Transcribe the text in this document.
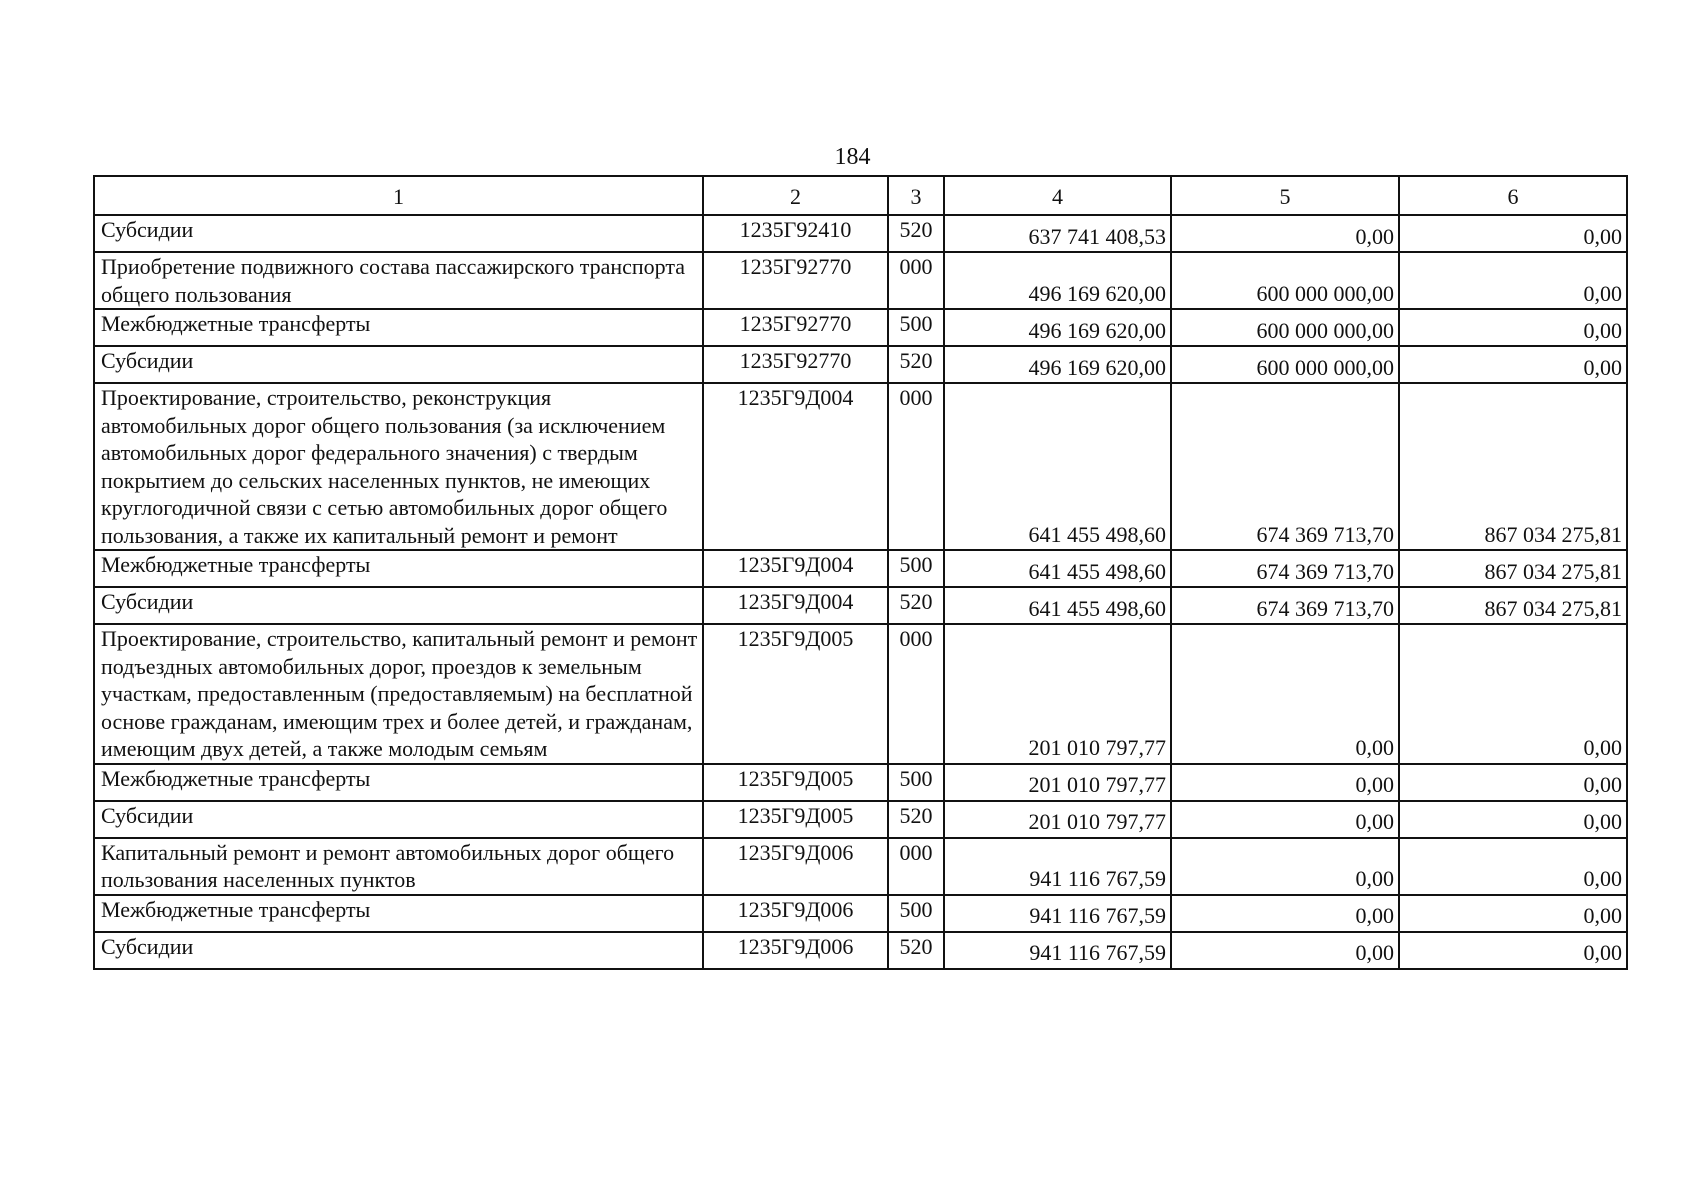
184
1	2	3	4	5	6
Субсидии	1235Г92410	520	637 741 408,53	0,00	0,00
Приобретение подвижного состава пассажирского транспорта общего пользования	1235Г92770	000	496 169 620,00	600 000 000,00	0,00
Межбюджетные трансферты	1235Г92770	500	496 169 620,00	600 000 000,00	0,00
Субсидии	1235Г92770	520	496 169 620,00	600 000 000,00	0,00
Проектирование, строительство, реконструкция автомобильных дорог общего пользования (за исключением автомобильных дорог федерального значения) с твердым покрытием до сельских населенных пунктов, не имеющих круглогодичной связи с сетью автомобильных дорог общего пользования, а также их капитальный ремонт и ремонт	1235Г9Д004	000	641 455 498,60	674 369 713,70	867 034 275,81
Межбюджетные трансферты	1235Г9Д004	500	641 455 498,60	674 369 713,70	867 034 275,81
Субсидии	1235Г9Д004	520	641 455 498,60	674 369 713,70	867 034 275,81
Проектирование, строительство, капитальный ремонт и ремонт подъездных автомобильных дорог, проездов к земельным участкам, предоставленным (предоставляемым) на бесплатной основе гражданам, имеющим трех и более детей, и гражданам, имеющим двух детей, а также молодым семьям	1235Г9Д005	000	201 010 797,77	0,00	0,00
Межбюджетные трансферты	1235Г9Д005	500	201 010 797,77	0,00	0,00
Субсидии	1235Г9Д005	520	201 010 797,77	0,00	0,00
Капитальный ремонт и ремонт автомобильных дорог общего пользования населенных пунктов	1235Г9Д006	000	941 116 767,59	0,00	0,00
Межбюджетные трансферты	1235Г9Д006	500	941 116 767,59	0,00	0,00
Субсидии	1235Г9Д006	520	941 116 767,59	0,00	0,00
